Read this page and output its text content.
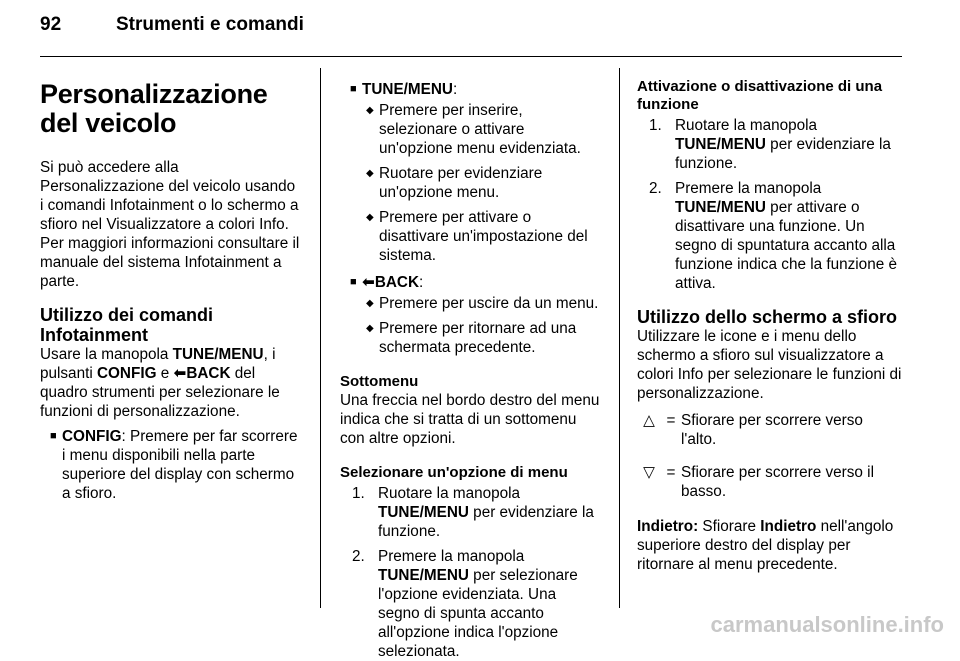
92	Strumenti e comandi
Personalizzazione del veicolo

Si può accedere alla Personalizzazione del veicolo usando i comandi Infotainment o lo schermo a sfioro nel Visualizzatore a colori Info. Per maggiori informazioni consultare il manuale del sistema Infotainment a parte.

Utilizzo dei comandi Infotainment

Usare la manopola TUNE/MENU, i pulsanti CONFIG e ⬅BACK del quadro strumenti per selezionare le funzioni di personalizzazione.

■ CONFIG: Premere per far scorrere i menu disponibili nella parte superiore del display con schermo a sfioro.
■ TUNE/MENU:
◆ Premere per inserire, selezionare o attivare un'opzione menu evidenziata.
◆ Ruotare per evidenziare un'opzione menu.
◆ Premere per attivare o disattivare un'impostazione del sistema.
■ ⬅BACK:
◆ Premere per uscire da un menu.
◆ Premere per ritornare ad una schermata precedente.
Sottomenu

Una freccia nel bordo destro del menu indica che si tratta di un sottomenu con altre opzioni.

Selezionare un'opzione di menu
1. Ruotare la manopola TUNE/MENU per evidenziare la funzione.
2. Premere la manopola TUNE/MENU per selezionare l'opzione evidenziata. Una segno di spunta accanto all'opzione indica l'opzione selezionata.
Attivazione o disattivazione di una funzione
1. Ruotare la manopola TUNE/MENU per evidenziare la funzione.
2. Premere la manopola TUNE/MENU per attivare o disattivare una funzione. Un segno di spuntatura accanto alla funzione indica che la funzione è attiva.
Utilizzo dello schermo a sfioro

Utilizzare le icone e i menu dello schermo a sfioro sul visualizzatore a colori Info per selezionare le funzioni di personalizzazione.

△ = Sfiorare per scorrere verso l'alto.
▽ = Sfiorare per scorrere verso il basso.

Indietro: Sfiorare Indietro nell'angolo superiore destro del display per ritornare al menu precedente.

carmanualsonline.info
